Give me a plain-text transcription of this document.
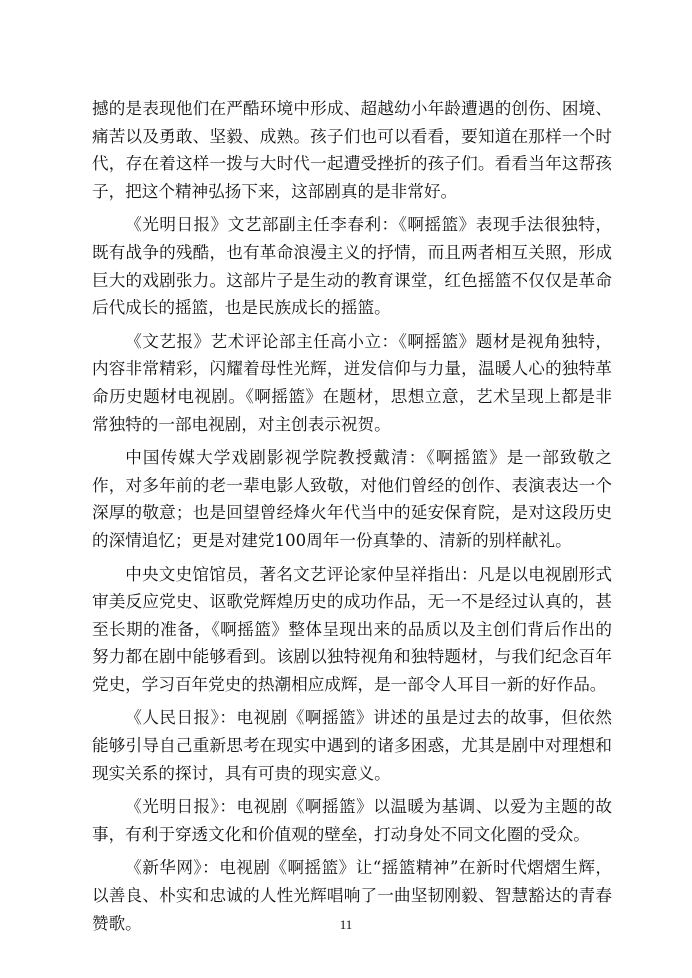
撼的是表现他们在严酷环境中形成、超越幼小年龄遭遇的创伤、困境、痛苦以及勇敢、坚毅、成熟。孩子们也可以看看，要知道在那样一个时代，存在着这样一拨与大时代一起遭受挫折的孩子们。看看当年这帮孩子，把这个精神弘扬下来，这部剧真的是非常好。

《光明日报》文艺部副主任李春利：《啊摇篮》表现手法很独特，既有战争的残酷，也有革命浪漫主义的抒情，而且两者相互关照，形成巨大的戏剧张力。这部片子是生动的教育课堂，红色摇篮不仅仅是革命后代成长的摇篮，也是民族成长的摇篮。

《文艺报》艺术评论部主任高小立：《啊摇篮》题材是视角独特，内容非常精彩，闪耀着母性光辉，迸发信仰与力量，温暖人心的独特革命历史题材电视剧。《啊摇篮》在题材，思想立意，艺术呈现上都是非常独特的一部电视剧，对主创表示祝贺。

中国传媒大学戏剧影视学院教授戴清：《啊摇篮》是一部致敬之作，对多年前的老一辈电影人致敬，对他们曾经的创作、表演表达一个深厚的敬意；也是回望曾经烽火年代当中的延安保育院，是对这段历史的深情追忆；更是对建党100周年一份真挚的、清新的别样献礼。

中央文史馆馆员，著名文艺评论家仲呈祥指出：凡是以电视剧形式审美反应党史、讴歌党辉煌历史的成功作品，无一不是经过认真的，甚至长期的准备，《啊摇篮》整体呈现出来的品质以及主创们背后作出的努力都在剧中能够看到。该剧以独特视角和独特题材，与我们纪念百年党史，学习百年党史的热潮相应成辉，是一部令人耳目一新的好作品。

《人民日报》：电视剧《啊摇篮》讲述的虽是过去的故事，但依然能够引导自己重新思考在现实中遇到的诸多困惑，尤其是剧中对理想和现实关系的探讨，具有可贵的现实意义。

《光明日报》：电视剧《啊摇篮》以温暖为基调、以爱为主题的故事，有利于穿透文化和价值观的壁垒，打动身处不同文化圈的受众。

《新华网》：电视剧《啊摇篮》让“摇篮精神”在新时代熠熠生辉，以善良、朴实和忠诚的人性光辉唱响了一曲坚韧刚毅、智慧豁达的青春赞歌。	11
